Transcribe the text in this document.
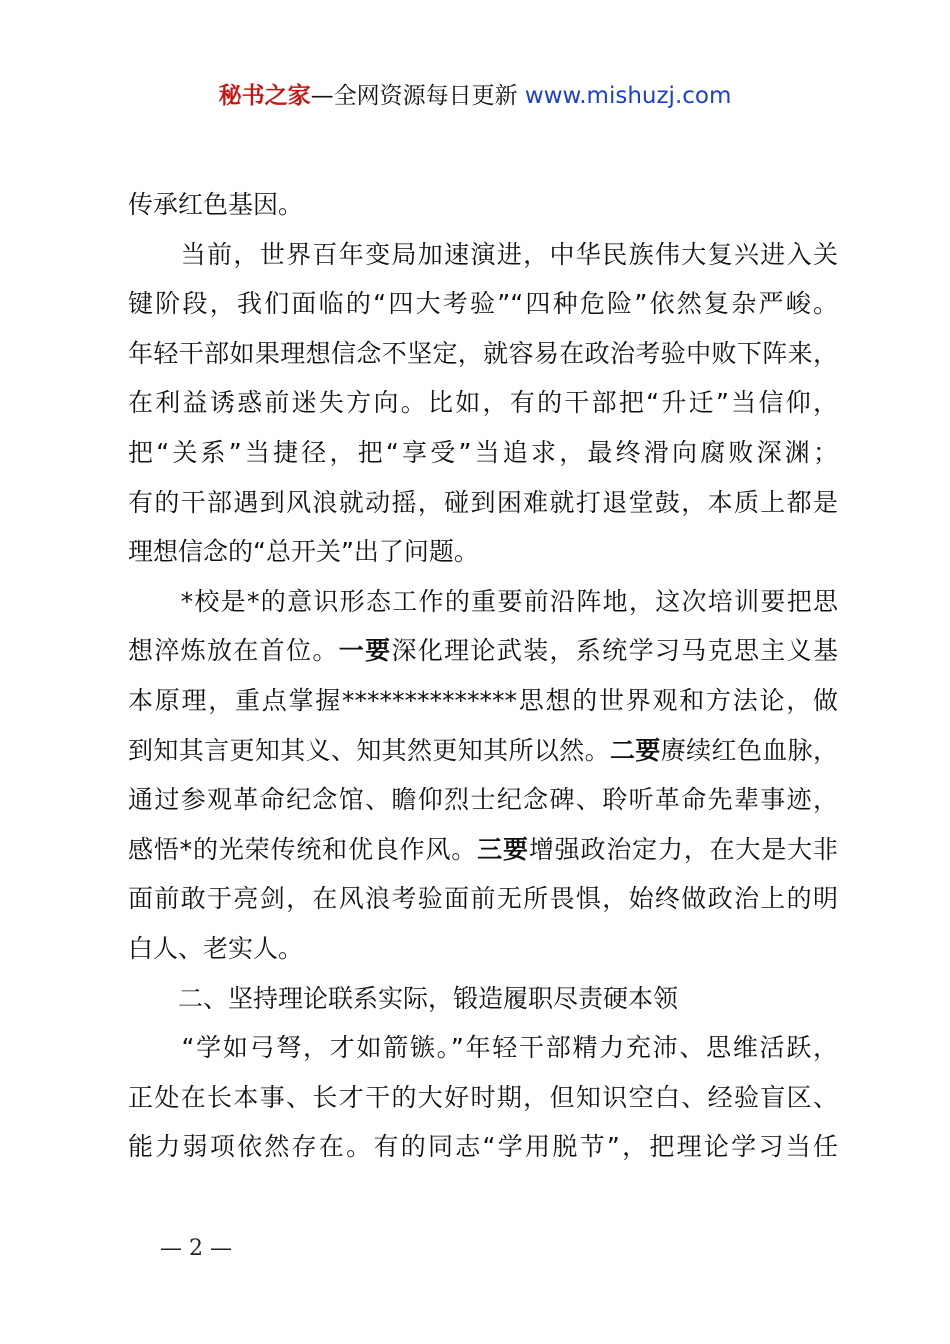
秘书之家—全网资源每日更新 www.mishuzj.com
传承红色基因。
　　当前，世界百年变局加速演进，中华民族伟大复兴进入关
键阶段，我们面临的“四大考验”“四种危险”依然复杂严峻。
年轻干部如果理想信念不坚定，就容易在政治考验中败下阵来，
在利益诱惑前迷失方向。比如，有的干部把“升迁”当信仰，
把“关系”当捷径，把“享受”当追求，最终滑向腐败深渊；
有的干部遇到风浪就动摇，碰到困难就打退堂鼓，本质上都是
理想信念的“总开关”出了问题。
　　*校是*的意识形态工作的重要前沿阵地，这次培训要把思
想淬炼放在首位。一要深化理论武装，系统学习马克思主义基
本原理，重点掌握**************思想的世界观和方法论，做
到知其言更知其义、知其然更知其所以然。二要赓续红色血脉，
通过参观革命纪念馆、瞻仰烈士纪念碑、聆听革命先辈事迹，
感悟*的光荣传统和优良作风。三要增强政治定力，在大是大非
面前敢于亮剑，在风浪考验面前无所畏惧，始终做政治上的明
白人、老实人。
　　二、坚持理论联系实际，锻造履职尽责硬本领
　　“学如弓弩，才如箭镞。”年轻干部精力充沛、思维活跃，
正处在长本事、长才干的大好时期，但知识空白、经验盲区、
能力弱项依然存在。有的同志“学用脱节”，把理论学习当任
— 2 —
